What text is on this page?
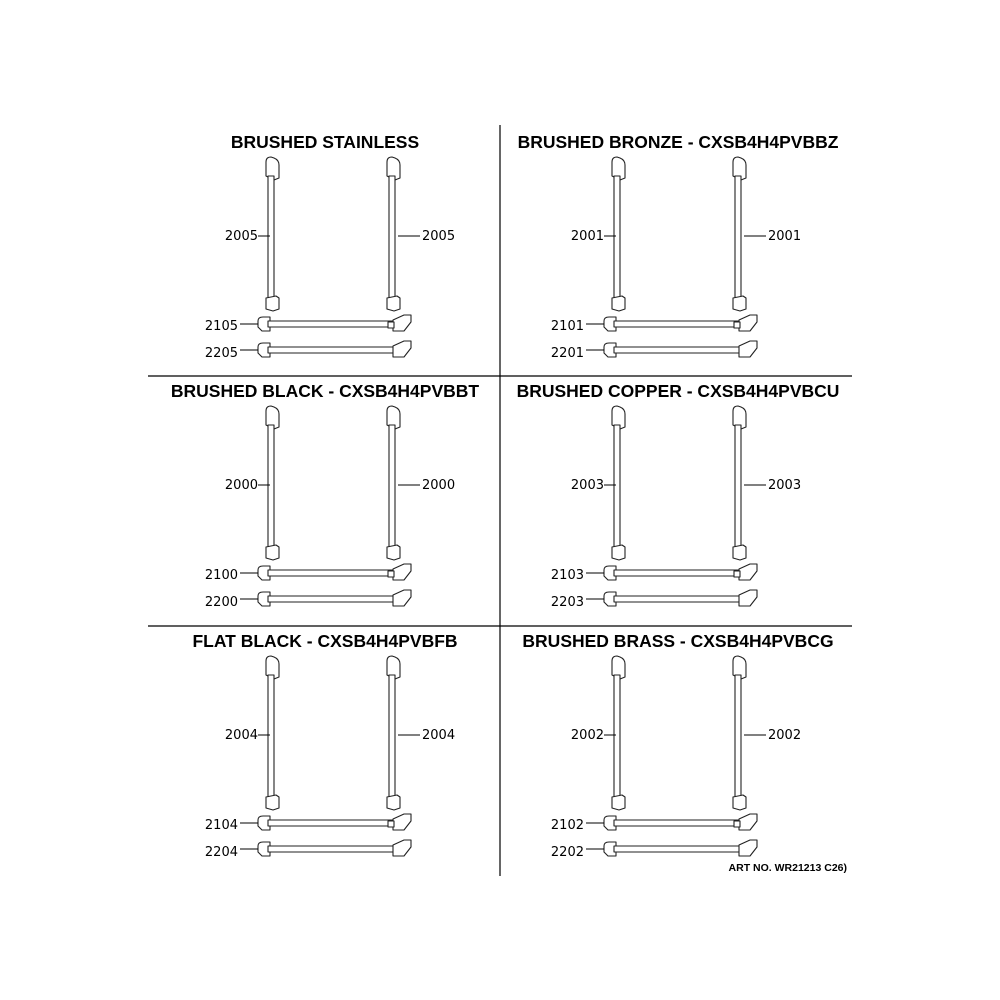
BRUSHED STAINLESS
2005	2005
2105
2205
BRUSHED BRONZE - CXSB4H4PVBBZ
2001	2001
2101
2201
BRUSHED BLACK - CXSB4H4PVBBT
2000	2000
2100
2200
BRUSHED COPPER - CXSB4H4PVBCU
2003	2003
2103
2203
FLAT BLACK - CXSB4H4PVBFB
2004	2004
2104
2204
BRUSHED BRASS - CXSB4H4PVBCG
2002	2002
2102
2202
ART NO. WR21213 C26)
